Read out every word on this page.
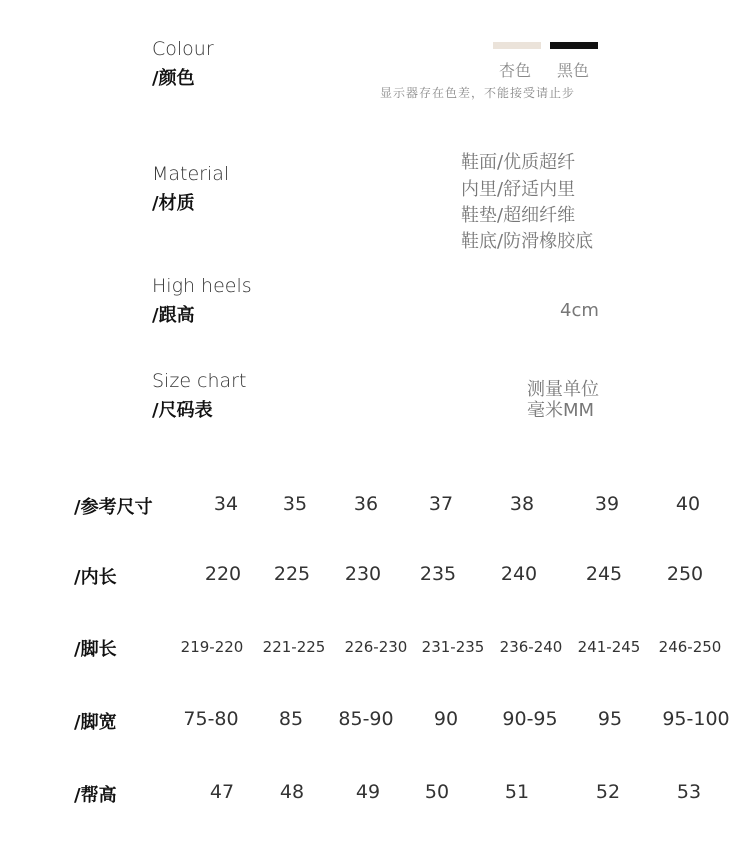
Colour
/颜色	杏色 黑色
显示器存在色差，不能接受请止步
Material
/材质
鞋面/优质超纤
内里/舒适内里
鞋垫/超细纤维
鞋底/防滑橡胶底
High heels
/跟高	4cm
Size chart
/尺码表
测量单位
毫米MM
/参考尺寸	34	35	36	37	38	39	40
/内长	220	225	230	235	240	245	250
/脚长	219-220	221-225	226-230 231-235	236-240	241-245	246-250
/脚宽	75-80	85	85-90	90	90-95	95	95-100
/帮高	47	48	49	50	51	52	53
